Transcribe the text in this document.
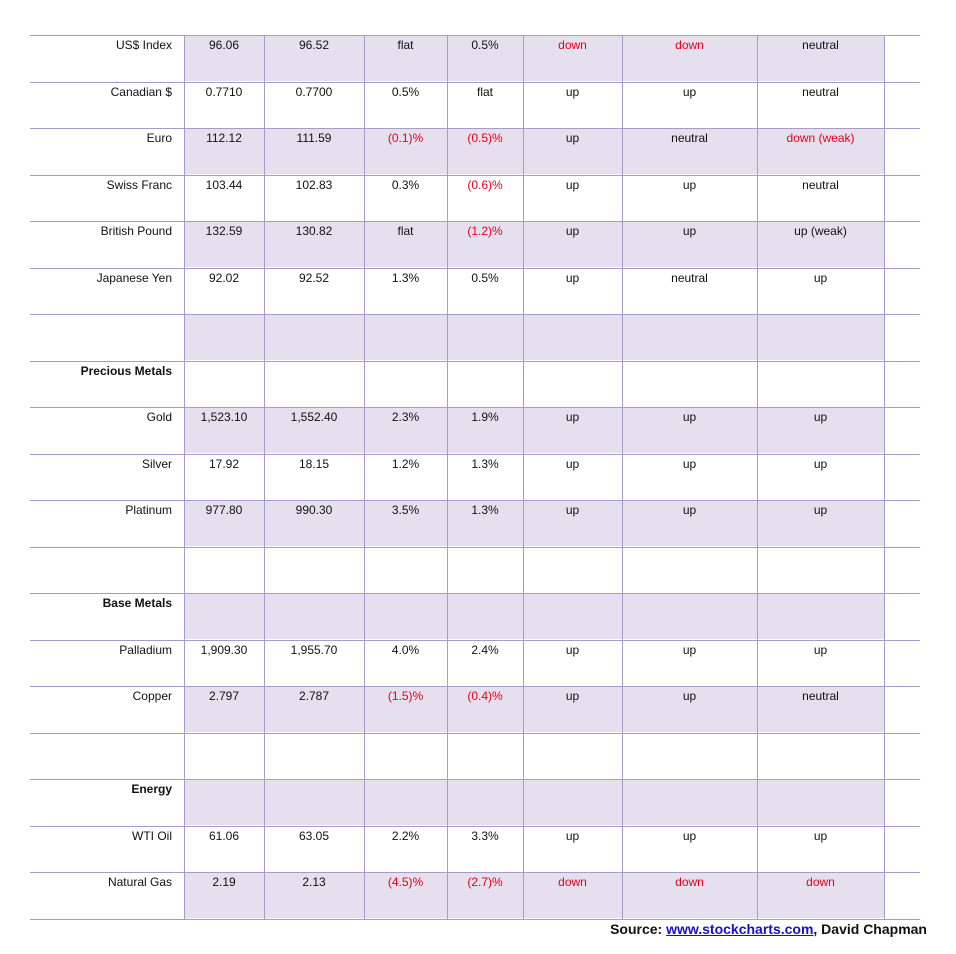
US$ Index	96.06	96.52	flat	0.5%	down	down	neutral
Canadian $	0.7710	0.7700	0.5%	flat	up	up	neutral
Euro	112.12	111.59	(0.1)%	(0.5)%	up	neutral	down (weak)
Swiss Franc	103.44	102.83	0.3%	(0.6)%	up	up	neutral
British Pound	132.59	130.82	flat	(1.2)%	up	up	up (weak)
Japanese Yen	92.02	92.52	1.3%	0.5%	up	neutral	up
Precious Metals
Gold	1,523.10	1,552.40	2.3%	1.9%	up	up	up
Silver	17.92	18.15	1.2%	1.3%	up	up	up
Platinum	977.80	990.30	3.5%	1.3%	up	up	up
Base Metals
Palladium	1,909.30	1,955.70	4.0%	2.4%	up	up	up
Copper	2.797	2.787	(1.5)%	(0.4)%	up	up	neutral
Energy
WTI Oil	61.06	63.05	2.2%	3.3%	up	up	up
Natural Gas	2.19	2.13	(4.5)%	(2.7)%	down	down	down
Source: www.stockcharts.com, David Chapman
